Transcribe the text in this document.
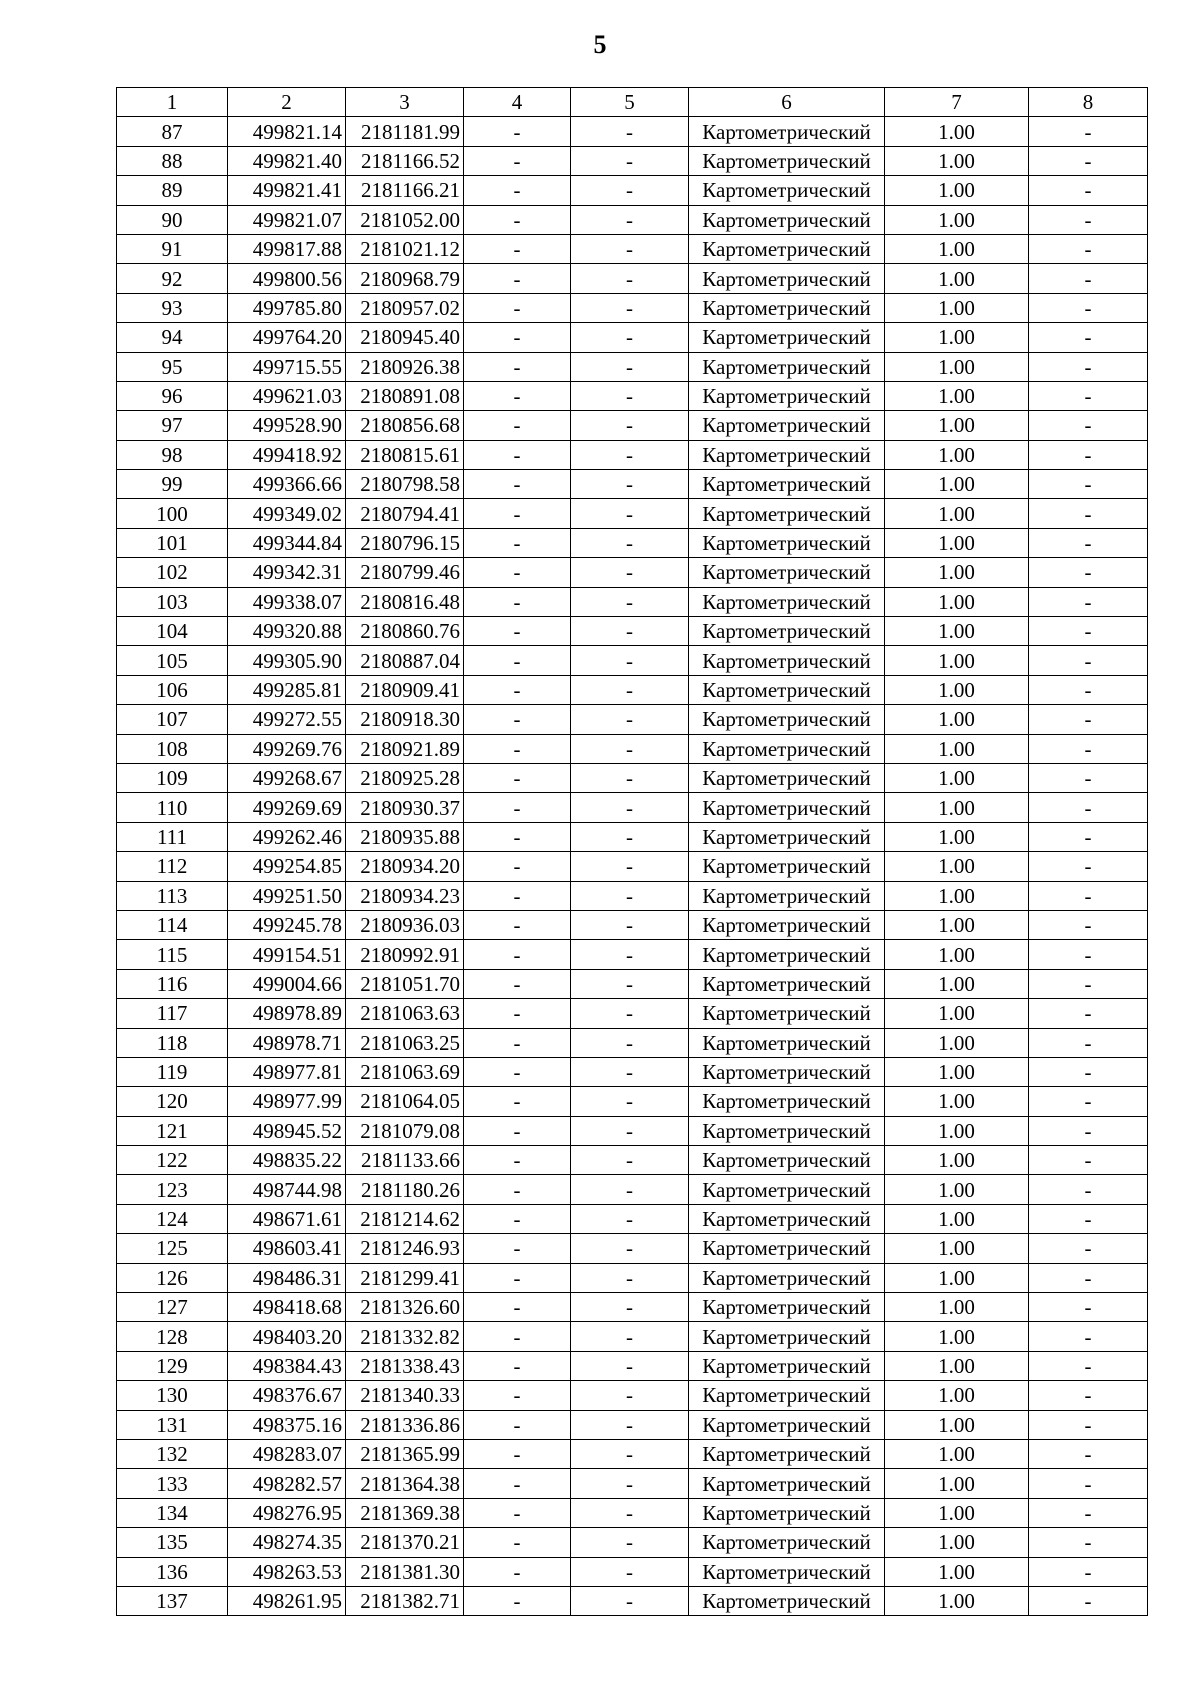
5
1	2	3	4	5	6	7	8
87	499821.14	2181181.99	-	-	Картометрический	1.00	-
88	499821.40	2181166.52	-	-	Картометрический	1.00	-
89	499821.41	2181166.21	-	-	Картометрический	1.00	-
90	499821.07	2181052.00	-	-	Картометрический	1.00	-
91	499817.88	2181021.12	-	-	Картометрический	1.00	-
92	499800.56	2180968.79	-	-	Картометрический	1.00	-
93	499785.80	2180957.02	-	-	Картометрический	1.00	-
94	499764.20	2180945.40	-	-	Картометрический	1.00	-
95	499715.55	2180926.38	-	-	Картометрический	1.00	-
96	499621.03	2180891.08	-	-	Картометрический	1.00	-
97	499528.90	2180856.68	-	-	Картометрический	1.00	-
98	499418.92	2180815.61	-	-	Картометрический	1.00	-
99	499366.66	2180798.58	-	-	Картометрический	1.00	-
100	499349.02	2180794.41	-	-	Картометрический	1.00	-
101	499344.84	2180796.15	-	-	Картометрический	1.00	-
102	499342.31	2180799.46	-	-	Картометрический	1.00	-
103	499338.07	2180816.48	-	-	Картометрический	1.00	-
104	499320.88	2180860.76	-	-	Картометрический	1.00	-
105	499305.90	2180887.04	-	-	Картометрический	1.00	-
106	499285.81	2180909.41	-	-	Картометрический	1.00	-
107	499272.55	2180918.30	-	-	Картометрический	1.00	-
108	499269.76	2180921.89	-	-	Картометрический	1.00	-
109	499268.67	2180925.28	-	-	Картометрический	1.00	-
110	499269.69	2180930.37	-	-	Картометрический	1.00	-
111	499262.46	2180935.88	-	-	Картометрический	1.00	-
112	499254.85	2180934.20	-	-	Картометрический	1.00	-
113	499251.50	2180934.23	-	-	Картометрический	1.00	-
114	499245.78	2180936.03	-	-	Картометрический	1.00	-
115	499154.51	2180992.91	-	-	Картометрический	1.00	-
116	499004.66	2181051.70	-	-	Картометрический	1.00	-
117	498978.89	2181063.63	-	-	Картометрический	1.00	-
118	498978.71	2181063.25	-	-	Картометрический	1.00	-
119	498977.81	2181063.69	-	-	Картометрический	1.00	-
120	498977.99	2181064.05	-	-	Картометрический	1.00	-
121	498945.52	2181079.08	-	-	Картометрический	1.00	-
122	498835.22	2181133.66	-	-	Картометрический	1.00	-
123	498744.98	2181180.26	-	-	Картометрический	1.00	-
124	498671.61	2181214.62	-	-	Картометрический	1.00	-
125	498603.41	2181246.93	-	-	Картометрический	1.00	-
126	498486.31	2181299.41	-	-	Картометрический	1.00	-
127	498418.68	2181326.60	-	-	Картометрический	1.00	-
128	498403.20	2181332.82	-	-	Картометрический	1.00	-
129	498384.43	2181338.43	-	-	Картометрический	1.00	-
130	498376.67	2181340.33	-	-	Картометрический	1.00	-
131	498375.16	2181336.86	-	-	Картометрический	1.00	-
132	498283.07	2181365.99	-	-	Картометрический	1.00	-
133	498282.57	2181364.38	-	-	Картометрический	1.00	-
134	498276.95	2181369.38	-	-	Картометрический	1.00	-
135	498274.35	2181370.21	-	-	Картометрический	1.00	-
136	498263.53	2181381.30	-	-	Картометрический	1.00	-
137	498261.95	2181382.71	-	-	Картометрический	1.00	-
